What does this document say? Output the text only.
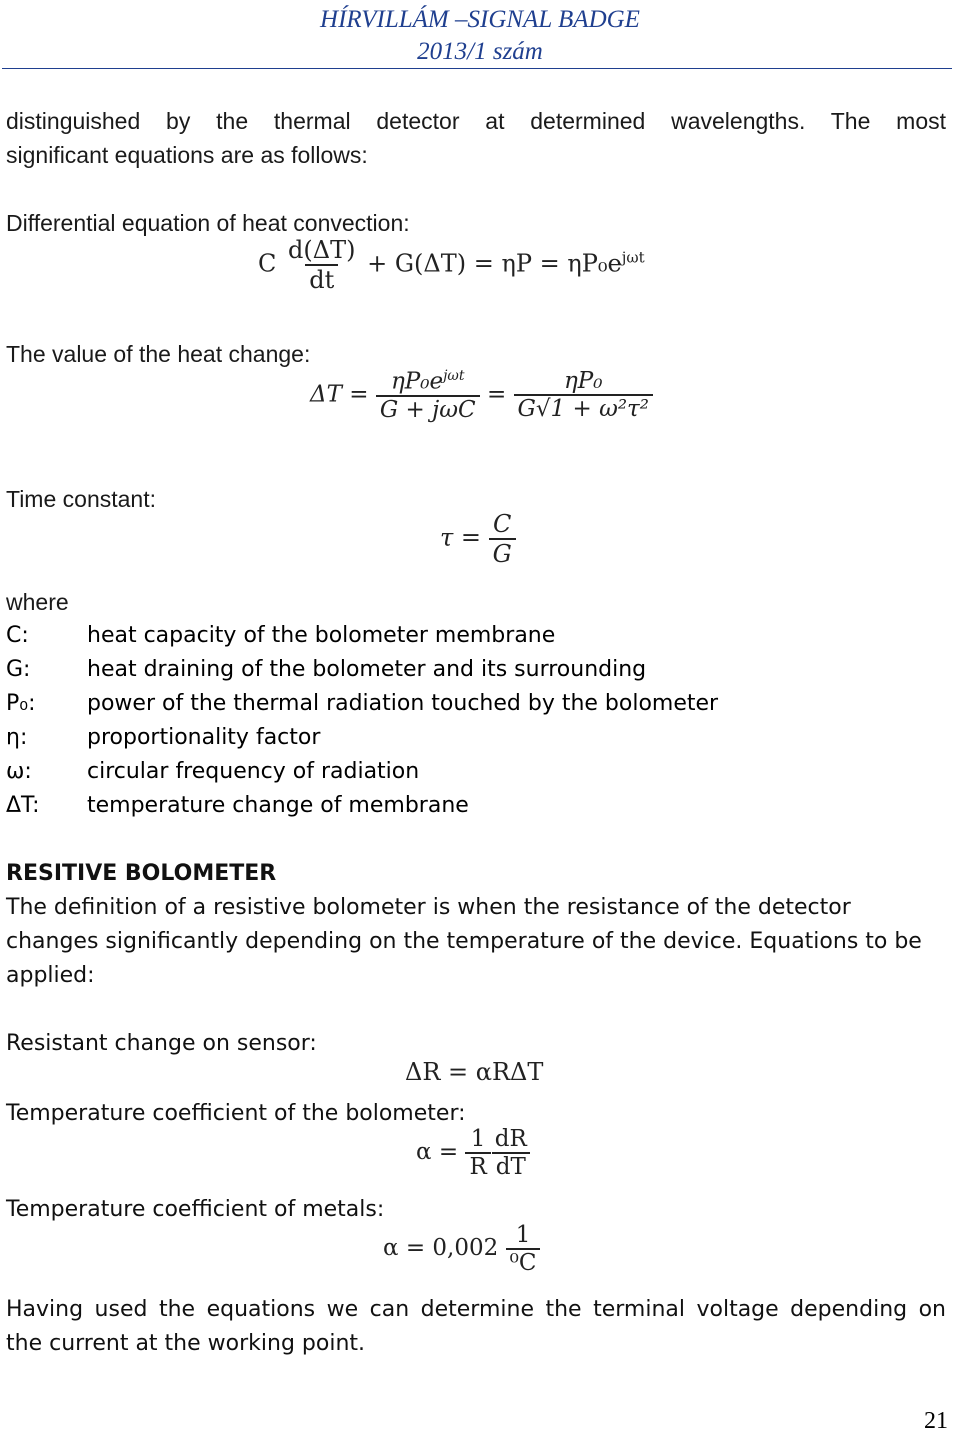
HÍRVILLÁM –SIGNAL BADGE
2013/1 szám
distinguished by the thermal detector at determined wavelengths. The most
significant equations are as follows:
Differential equation of heat convection:
C $\frac{d(\Delta T)}{dt} + G(\Delta T) = \eta P = \eta P_0e^{j\omega t}$
The value of the heat change:
$\Delta T = \frac{\eta P_0e^{j\omega t}}{\text{G + jωC}} = \frac{\text{ηP₀}}{\text{G√1 + ω²τ²}}$
Time constant:
$\tau = \frac{C}{G}$
where
C:	heat capacity of the bolometer membrane
G:	heat draining of the bolometer and its surrounding
P₀: power of the thermal radiation touched by the bolometer
η:	proportionality factor
ω:	circular frequency of radiation
ΔT: temperature change of membrane
RESITIVE BOLOMETER
The definition of a resistive bolometer is when the resistance of the detector
changes significantly depending on the temperature of the device. Equations to be
applied:
Resistant change on sensor:
ΔR = αRΔT
Temperature coefficient of the bolometer:
$\alpha = \frac{1}{R} \frac{dR}{dT}$
Temperature coefficient of metals:
$\alpha = 0,002 \frac{1}{\text{⁰C}}$
Having used the equations we can determine the terminal voltage depending on
the current at the working point.
21
